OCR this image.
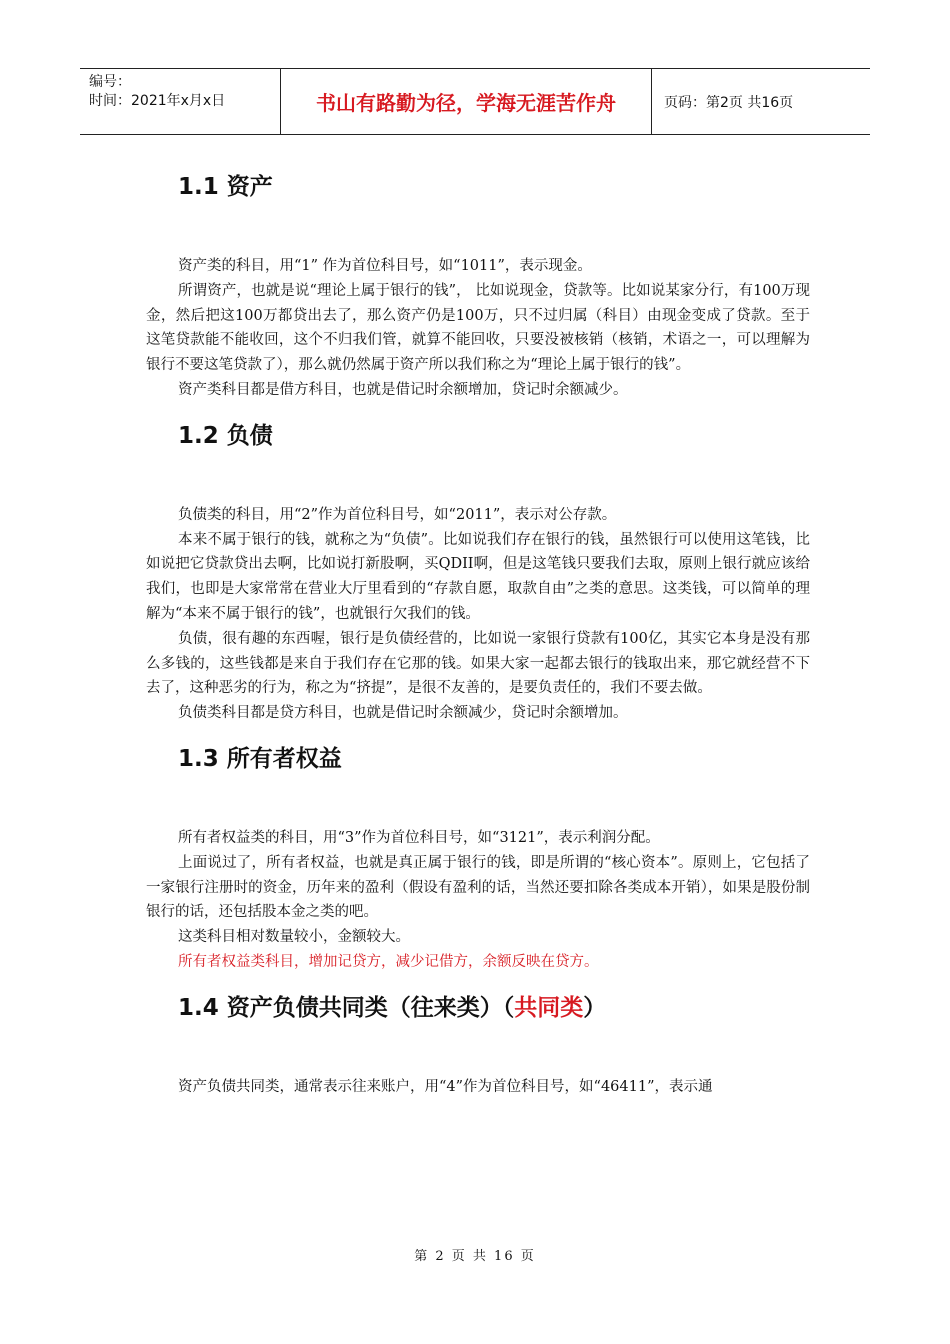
编号：
时间：2021年x月x日	书山有路勤为径，学海无涯苦作舟	页码：第2页 共16页
1.1 资产

资产类的科目，用“1” 作为首位科目号，如“1011”，表示现金。

所谓资产，也就是说“理论上属于银行的钱”， 比如说现金，贷款等。比如说某家分行，有100万现金，然后把这100万都贷出去了，那么资产仍是100万，只不过归属（科目）由现金变成了贷款。至于这笔贷款能不能收回，这个不归我们管，就算不能回收，只要没被核销（核销，术语之一，可以理解为银行不要这笔贷款了），那么就仍然属于资产所以我们称之为“理论上属于银行的钱”。

资产类科目都是借方科目，也就是借记时余额增加，贷记时余额减少。

1.2 负债

负债类的科目，用“2”作为首位科目号，如“2011”，表示对公存款。

本来不属于银行的钱，就称之为“负债”。比如说我们存在银行的钱，虽然银行可以使用这笔钱，比如说把它贷款贷出去啊，比如说打新股啊，买QDII啊，但是这笔钱只要我们去取，原则上银行就应该给我们，也即是大家常常在营业大厅里看到的“存款自愿，取款自由”之类的意思。这类钱，可以简单的理解为“本来不属于银行的钱”，也就银行欠我们的钱。

负债，很有趣的东西喔，银行是负债经营的，比如说一家银行贷款有100亿，其实它本身是没有那么多钱的，这些钱都是来自于我们存在它那的钱。如果大家一起都去银行的钱取出来，那它就经营不下去了，这种恶劣的行为，称之为“挤提”，是很不友善的，是要负责任的，我们不要去做。

负债类科目都是贷方科目，也就是借记时余额减少，贷记时余额增加。

1.3 所有者权益

所有者权益类的科目，用“3”作为首位科目号，如“3121”，表示利润分配。

上面说过了，所有者权益，也就是真正属于银行的钱，即是所谓的“核心资本”。原则上，它包括了一家银行注册时的资金，历年来的盈利（假设有盈利的话，当然还要扣除各类成本开销），如果是股份制银行的话，还包括股本金之类的吧。

这类科目相对数量较小，金额较大。

所有者权益类科目，增加记贷方，减少记借方，余额反映在贷方。

1.4 资产负债共同类（往来类）（共同类）

资产负债共同类，通常表示往来账户，用“4”作为首位科目号，如“46411”，表示通

第 2 页 共 16 页
